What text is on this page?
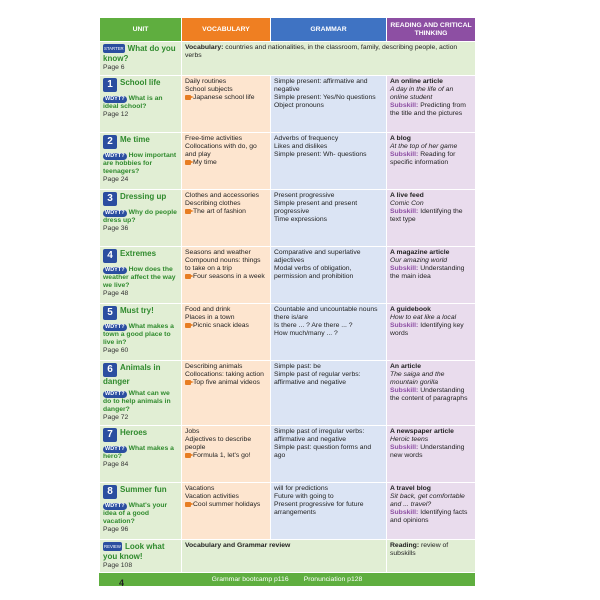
UNIT	VOCABULARY	GRAMMAR	READING AND CRITICAL THINKING
STARTER What do you know?
Page 6	Vocabulary: countries and nationalities, in the classroom, family, describing people, action verbs		
1 School life
WDYT? What is an ideal school?
Page 12	Daily routines
School subjects
Japanese school life	Simple present: affirmative and negative
Simple present: Yes/No questions
Object pronouns	An online article
A day in the life of an online student
Subskill: Predicting from the title and the pictures
2 Me time
WDYT? How important are hobbies for teenagers?
Page 24	Free-time activities
Collocations with do, go and play
My time	Adverbs of frequency
Likes and dislikes
Simple present: Wh- questions	A blog
At the top of her game
Subskill: Reading for specific information
3 Dressing up
WDYT? Why do people dress up?
Page 36	Clothes and accessories
Describing clothes
The art of fashion	Present progressive
Simple present and present progressive
Time expressions	A live feed
Comic Con
Subskill: Identifying the text type
4 Extremes
WDYT? How does the weather affect the way we live?
Page 48	Seasons and weather
Compound nouns: things to take on a trip
Four seasons in a week	Comparative and superlative adjectives
Modal verbs of obligation, permission and prohibition	A magazine article
Our amazing world
Subskill: Understanding the main idea
5 Must try!
WDYT? What makes a town a good place to live in?
Page 60	Food and drink
Places in a town
Picnic snack ideas	Countable and uncountable nouns there is/are
Is there ... ? Are there ... ?
How much/many ... ?	A guidebook
How to eat like a local
Subskill: Identifying key words
6 Animals in danger
WDYT? What can we do to help animals in danger?
Page 72	Describing animals
Collocations: taking action
Top five animal videos	Simple past: be
Simple past of regular verbs: affirmative and negative	An article
The saiga and the mountain gorilla
Subskill: Understanding the content of paragraphs
7 Heroes
WDYT? What makes a hero?
Page 84	Jobs
Adjectives to describe people
Formula 1, let's go!	Simple past of irregular verbs: affirmative and negative
Simple past: question forms and ago	A newspaper article
Heroic teens
Subskill: Understanding new words
8 Summer fun
WDYT? What's your idea of a good vacation?
Page 96	Vacations
Vacation activities
Cool summer holidays	will for predictions
Future with going to
Present progressive for future arrangements	A travel blog
Sit back, get comfortable and ... travel?
Subskill: Identifying facts and opinions
REVIEW Look what you know!
Page 108	Vocabulary and Grammar review		Reading: review of subskills
Grammar bootcamp p116 Pronunciation p128
4
